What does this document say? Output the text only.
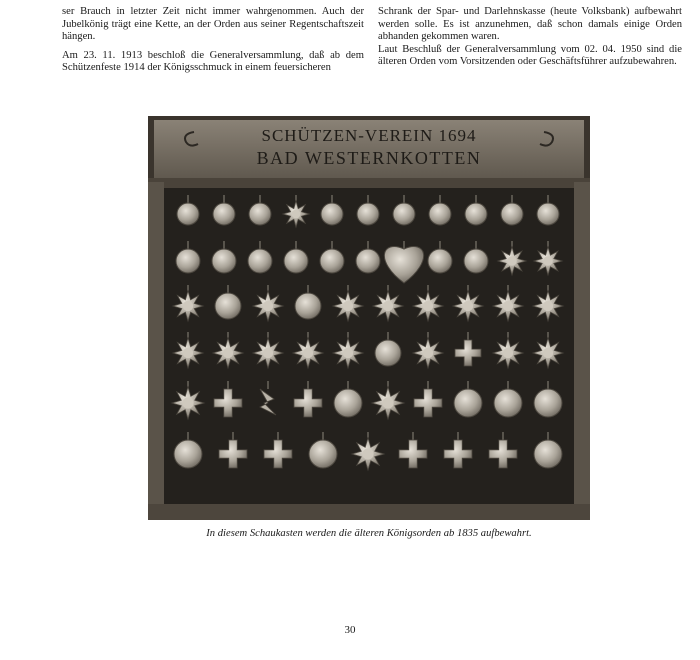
ser Brauch in letzter Zeit nicht immer wahrgenommen. Auch der Jubelkönig trägt eine Kette, an der Orden aus seiner Regentschaftszeit hängen.

Am 23. 11. 1913 beschloß die Generalversammlung, daß ab dem Schützenfeste 1914 der Königsschmuck in einem feuersicheren

Schrank der Spar- und Darlehnskasse (heute Volksbank) aufbewahrt werden solle. Es ist anzunehmen, daß schon damals einige Orden abhanden gekommen waren.

Laut Beschluß der Generalversammlung vom 02. 04. 1950 sind die älteren Orden vom Vorsitzenden oder Geschäftsführer aufzubewahren.

SCHÜTZEN-VEREIN 1694
BAD WESTERNKOTTEN
In diesem Schaukasten werden die älteren Königsorden ab 1835 aufbewahrt.
30
